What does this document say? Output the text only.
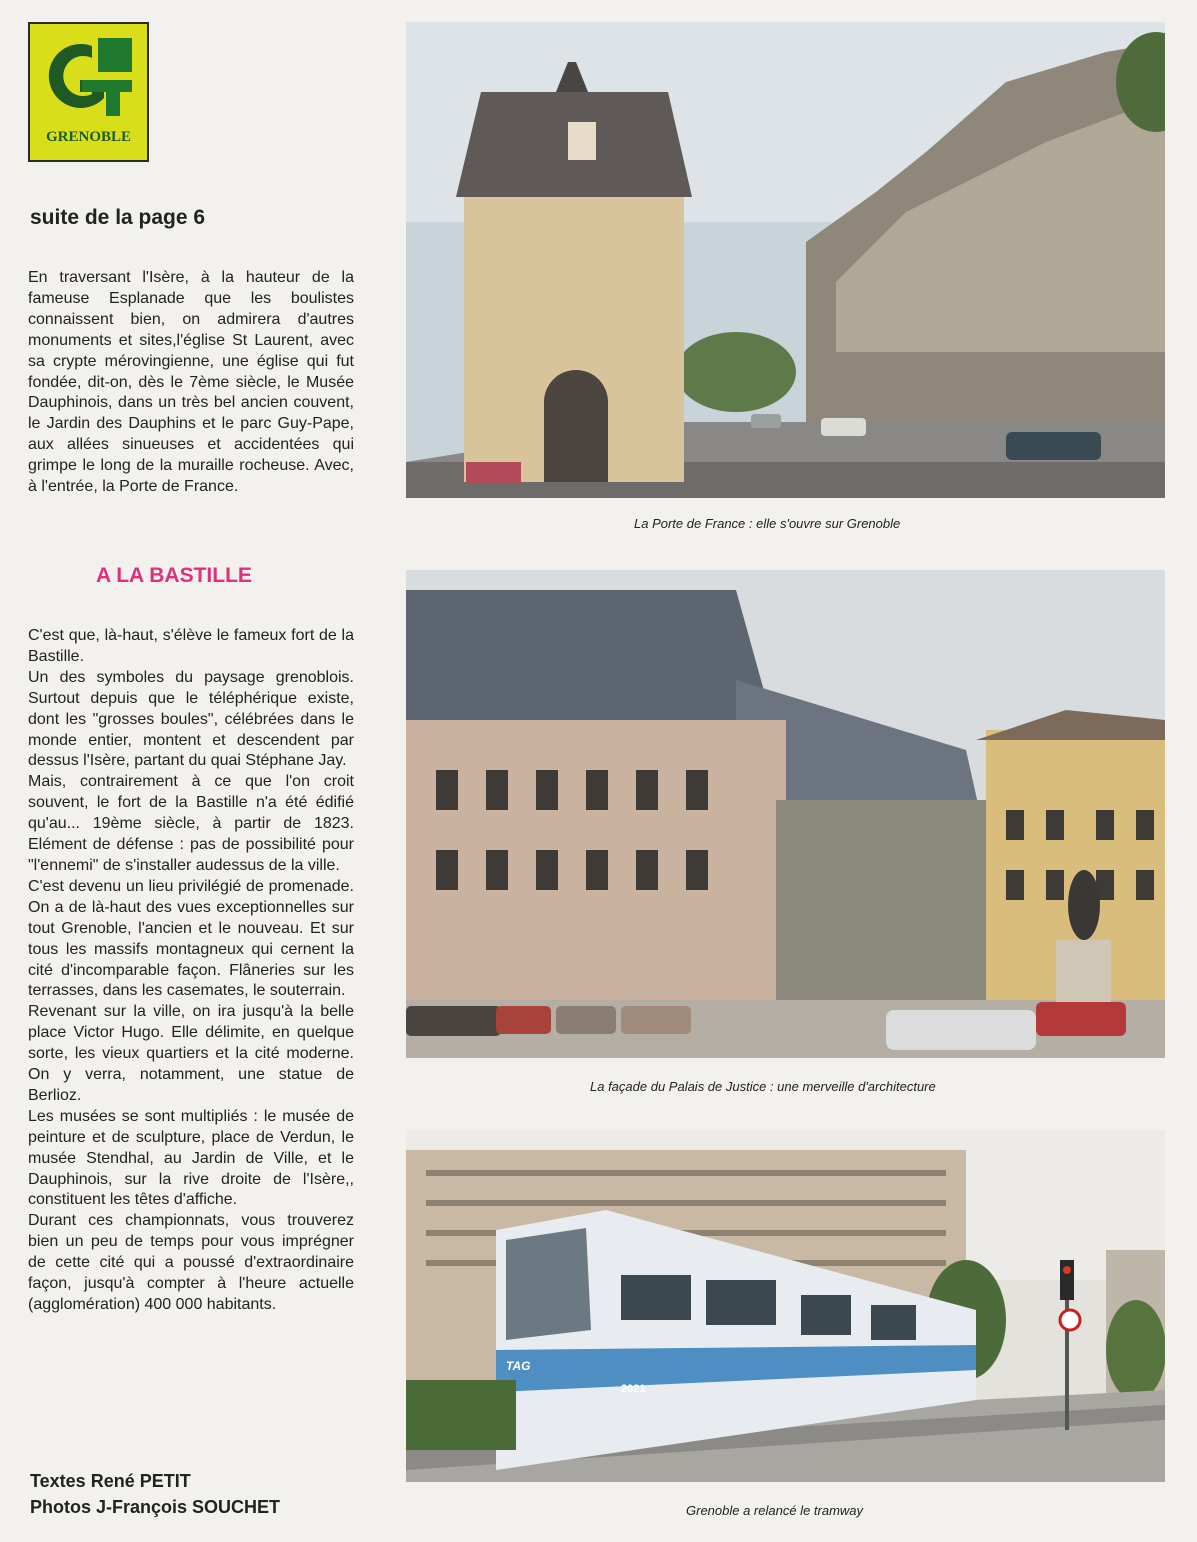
GRENOBLE
suite de la page 6

En traversant l'Isère, à la hauteur de la fameuse Esplanade que les boulistes connaissent bien, on admirera d'autres monuments et sites,l'église St Laurent, avec sa crypte mérovingienne, une église qui fut fondée, dit-on, dès le 7ème siècle, le Musée Dauphinois, dans un très bel ancien couvent, le Jardin des Dauphins et le parc Guy-Pape, aux allées sinueuses et accidentées qui grimpe le long de la muraille rocheuse. Avec, à l'entrée, la Porte de France.

A LA BASTILLE

C'est que, là-haut, s'élève le fameux fort de la Bastille.

Un des symboles du paysage grenoblois. Surtout depuis que le téléphérique existe, dont les "grosses boules", célébrées dans le monde entier, montent et descendent par dessus l'Isère, partant du quai Stéphane Jay.

Mais, contrairement à ce que l'on croit souvent, le fort de la Bastille n'a été édifié qu'au... 19ème siècle, à partir de 1823. Elément de défense : pas de possibilité pour "l'ennemi" de s'installer audessus de la ville.

C'est devenu un lieu privilégié de promenade. On a de là-haut des vues exceptionnelles sur tout Grenoble, l'ancien et le nouveau. Et sur tous les massifs montagneux qui cernent la cité d'incomparable façon. Flâneries sur les terrasses, dans les casemates, le souterrain.

Revenant sur la ville, on ira jusqu'à la belle place Victor Hugo. Elle délimite, en quelque sorte, les vieux quartiers et la cité moderne. On y verra, notamment, une statue de Berlioz.

Les musées se sont multipliés : le musée de peinture et de sculpture, place de Verdun, le musée Stendhal, au Jardin de Ville, et le Dauphinois, sur la rive droite de l'Isère,, constituent les têtes d'affiche.

Durant ces championnats, vous trouverez bien un peu de temps pour vous imprégner de cette cité qui a poussé d'extraordinaire façon, jusqu'à compter à l'heure actuelle (agglomération) 400 000 habitants.

Textes René PETIT
Photos J-François SOUCHET
La Porte de France : elle s'ouvre sur Grenoble
La façade du Palais de Justice : une merveille d'architecture
2021
TAG
Grenoble a relancé le tramway
